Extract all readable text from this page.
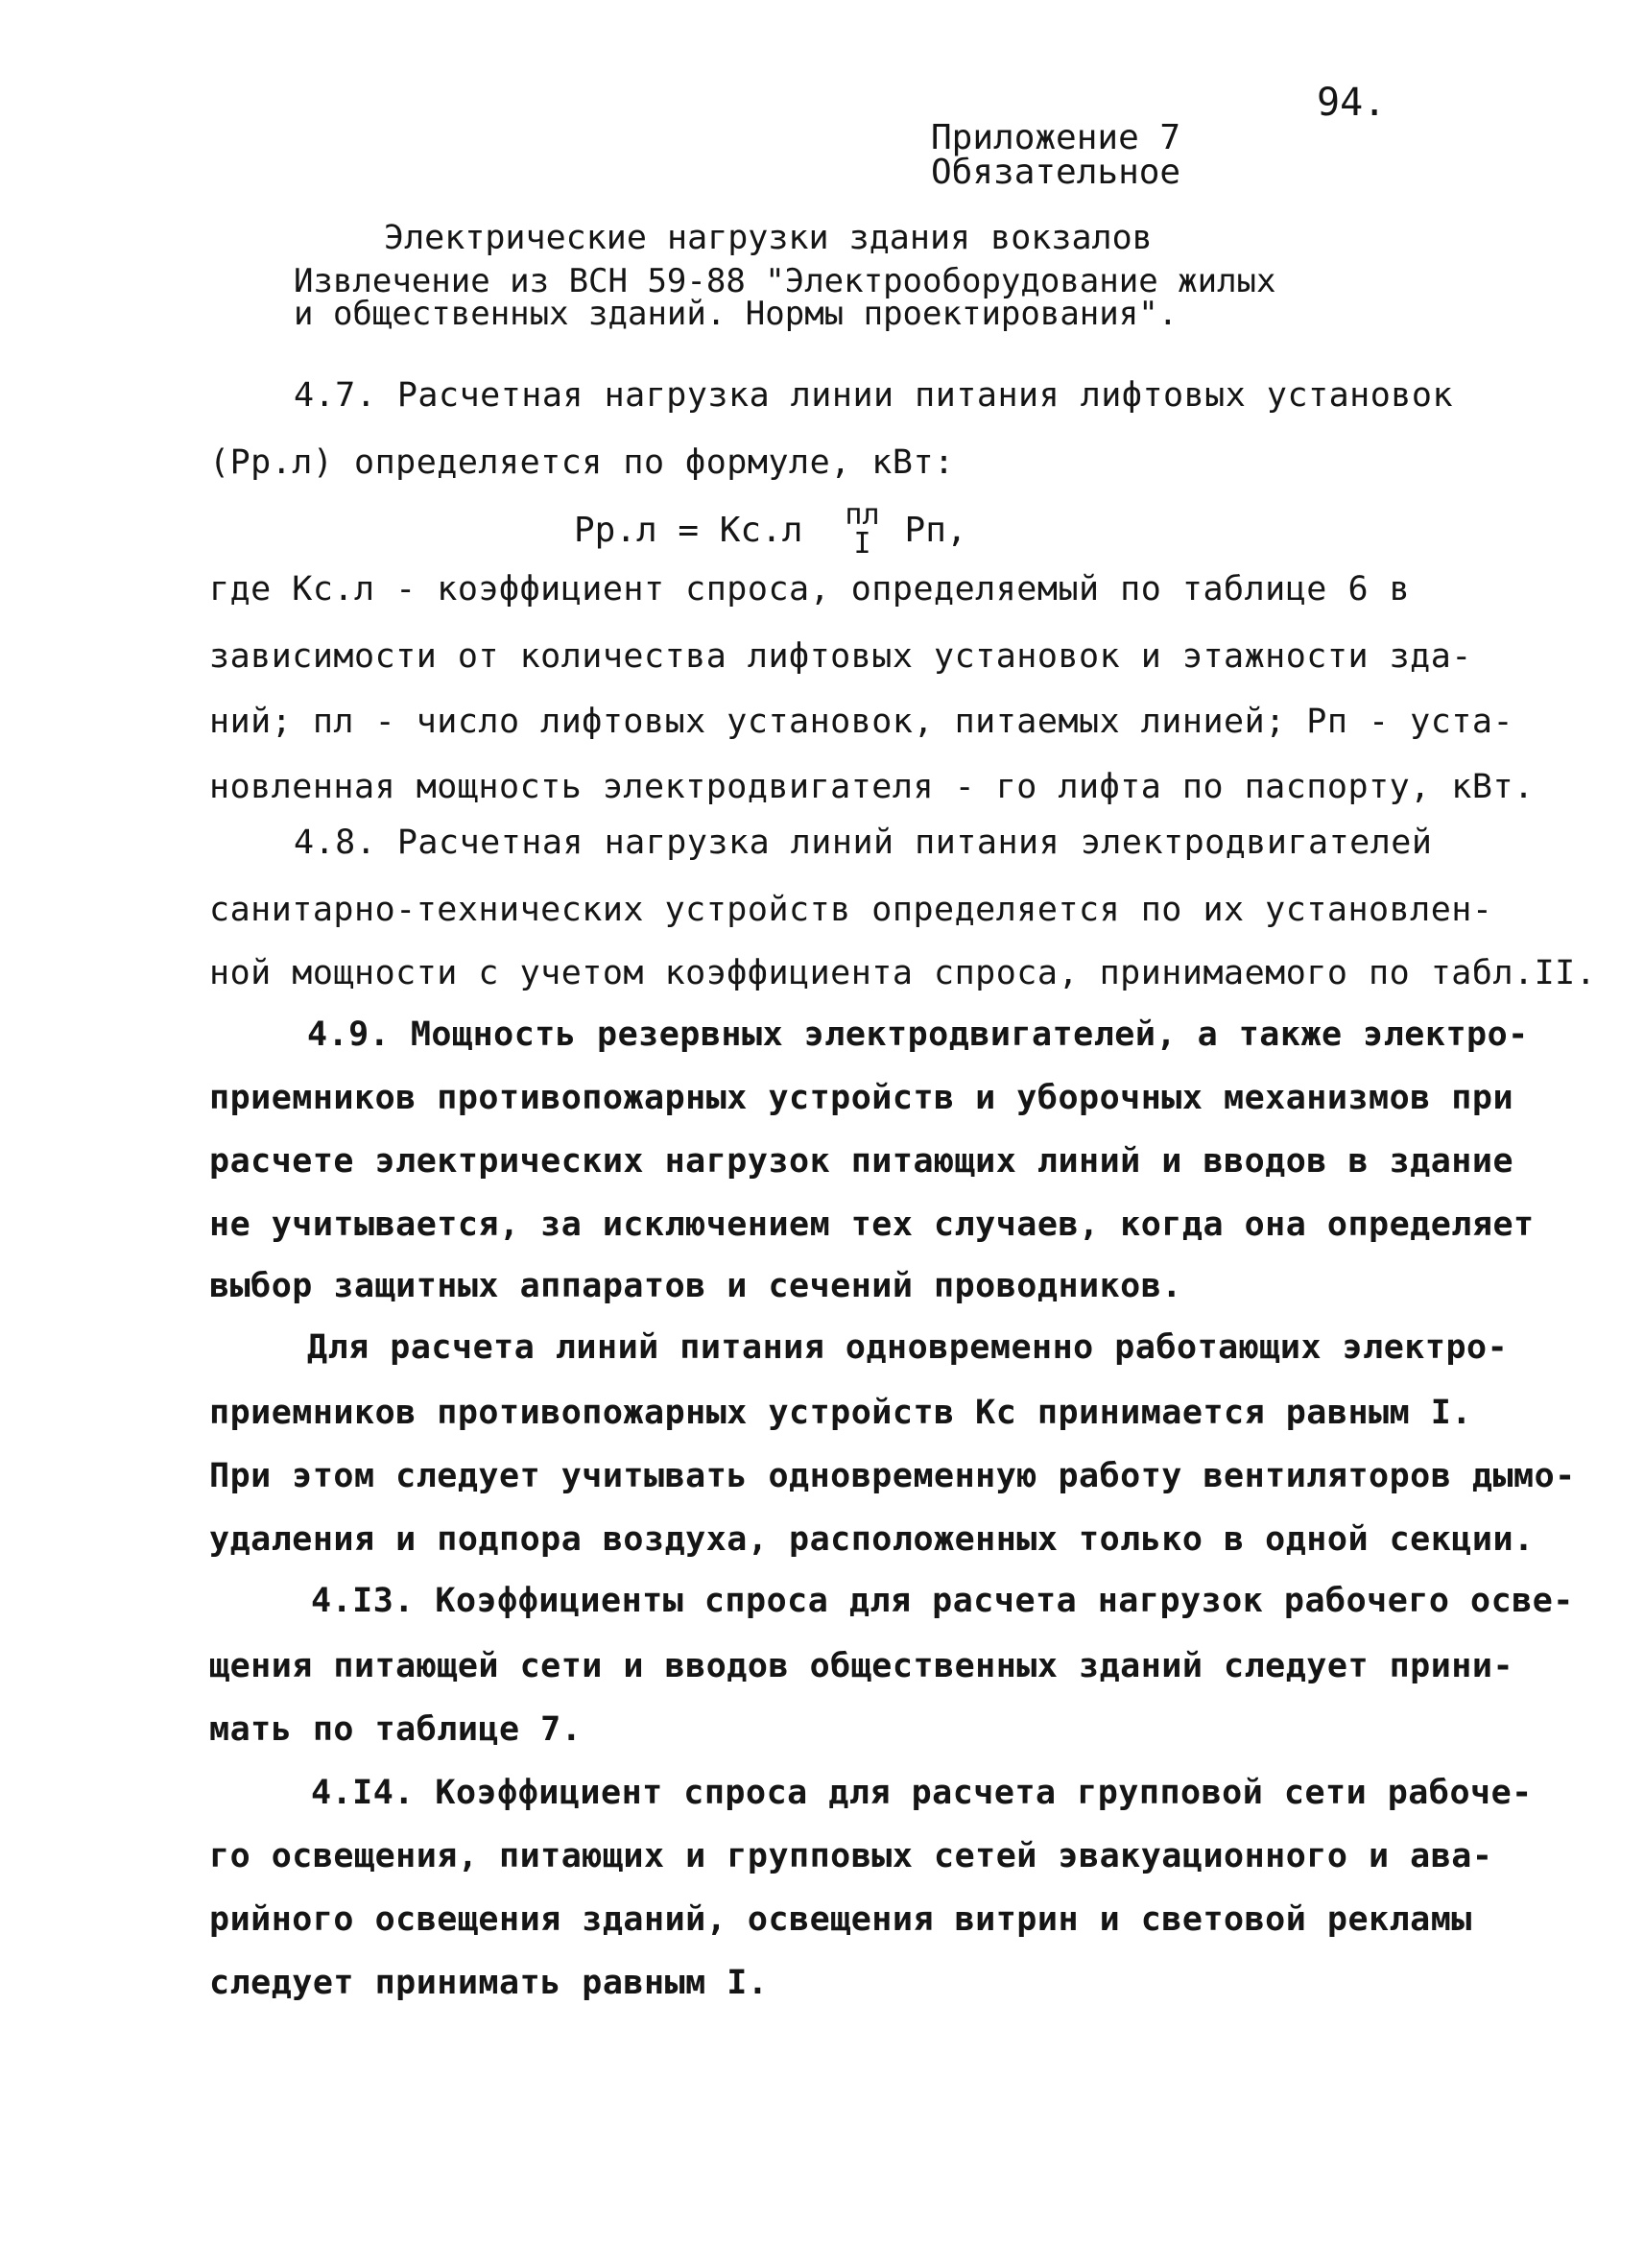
94.
Приложение 7
Обязательное
Электрические нагрузки здания вокзалов
Извлечение из ВСН 59-88 "Электрооборудование жилых
и общественных зданий. Нормы проектирования".
4.7. Расчетная нагрузка линии питания лифтовых установок
(Рр.л) определяется по формуле, кВт:
Рр.л = Кс.л пл
I Рп,
где Кс.л - коэффициент спроса, определяемый по таблице 6 в
зависимости от количества лифтовых установок и этажности зда-
ний; пл - число лифтовых установок, питаемых линией; Рп - уста-
новленная мощность электродвигателя - го лифта по паспорту, кВт.
4.8. Расчетная нагрузка линий питания электродвигателей
санитарно-технических устройств определяется по их установлен-
ной мощности с учетом коэффициента спроса, принимаемого по табл.II.
4.9. Мощность резервных электродвигателей, а также электро-
приемников противопожарных устройств и уборочных механизмов при
расчете электрических нагрузок питающих линий и вводов в здание
не учитывается, за исключением тех случаев, когда она определяет
выбор защитных аппаратов и сечений проводников.
Для расчета линий питания одновременно работающих электро-
приемников противопожарных устройств Кс принимается равным I.
При этом следует учитывать одновременную работу вентиляторов дымо-
удаления и подпора воздуха, расположенных только в одной секции.
4.I3. Коэффициенты спроса для расчета нагрузок рабочего осве-
щения питающей сети и вводов общественных зданий следует прини-
мать по таблице 7.
4.I4. Коэффициент спроса для расчета групповой сети рабоче-
го освещения, питающих и групповых сетей эвакуационного и ава-
рийного освещения зданий, освещения витрин и световой рекламы
следует принимать равным I.
